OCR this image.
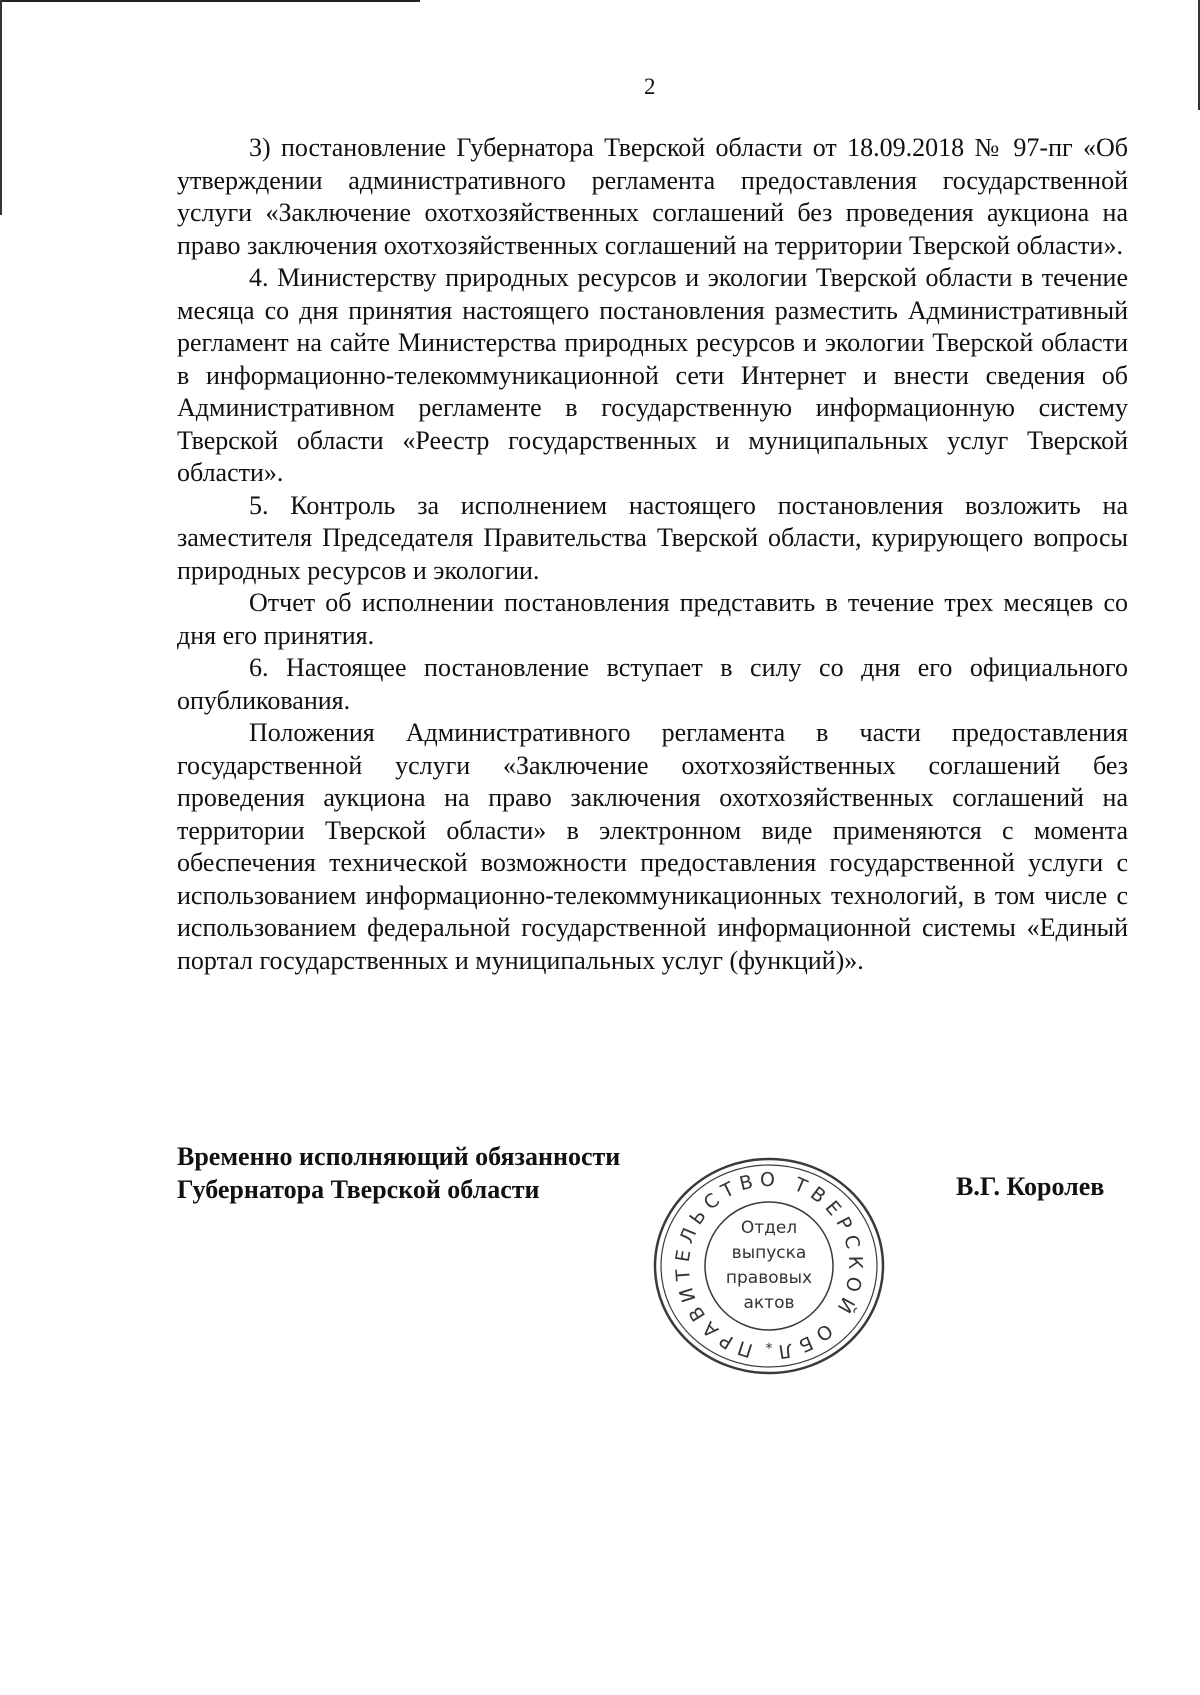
2

3) постановление Губернатора Тверской области от 18.09.2018 № 97-пг «Об утверждении административного регламента предоставления государственной услуги «Заключение охотхозяйственных соглашений без проведения аукциона на право заключения охотхозяйственных соглашений на территории Тверской области».

4. Министерству природных ресурсов и экологии Тверской области в течение месяца со дня принятия настоящего постановления разместить Административный регламент на сайте Министерства природных ресурсов и экологии Тверской области в информационно-телекоммуникационной сети Интернет и внести сведения об Административном регламенте в государственную информационную систему Тверской области «Реестр государственных и муниципальных услуг Тверской области».

5. Контроль за исполнением настоящего постановления возложить на заместителя Председателя Правительства Тверской области, курирующего вопросы природных ресурсов и экологии.

Отчет об исполнении постановления представить в течение трех месяцев со дня его принятия.

6. Настоящее постановление вступает в силу со дня его официального опубликования.

Положения Административного регламента в части предоставления государственной услуги «Заключение охотхозяйственных соглашений без проведения аукциона на право заключения охотхозяйственных соглашений на территории Тверской области» в электронном виде применяются с момента обеспечения технической возможности предоставления государственной услуги с использованием информационно-телекоммуникационных технологий, в том числе с использованием федеральной государственной информационной системы «Единый портал государственных и муниципальных услуг (функций)».

Временно исполняющий обязанности
Губернатора Тверской области	В.Г. Королев
ПРАВИТЕЛЬСТВО ТВЕРСКОЙ ОБЛ
*
Отдел
выпуска
правовых
актов
